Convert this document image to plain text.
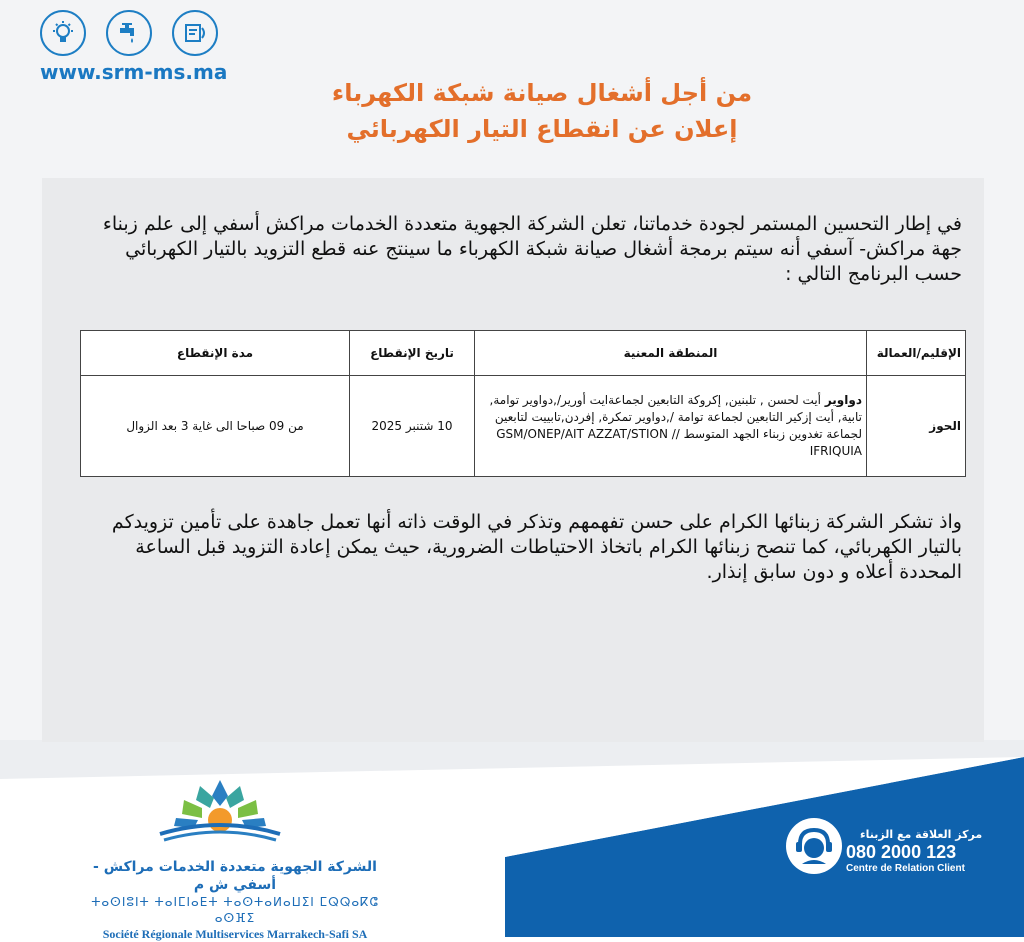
www.srm-ms.ma
من أجل أشغال صيانة شبكة الكهرباء
إعلان عن انقطاع التيار الكهربائي
في إطار التحسين المستمر لجودة خدماتنا، تعلن الشركة الجهوية متعددة الخدمات مراكش أسفي إلى علم زبناء جهة مراكش- آسفي أنه سيتم برمجة أشغال صيانة شبكة الكهرباء ما سينتج عنه قطع التزويد بالتيار الكهربائي حسب البرنامج التالي :
الإقليم/العمالة	المنطقة المعنية	تاريخ الإنقطاع	مدة الإنقطاع
الحوز	دواوير أيت لحسن , تلبنين, إكروكة التابعين لجماعةايت أورير/,دواوير توامة, تابية, أيت إزكير التابعين لجماعة توامة /,دواوير تمكرة, إفردن,تابييت لتابعين لجماعة تغدوين زبناء الجهد المتوسط // GSM/ONEP/AIT AZZAT/STION IFRIQUIA	10 شتنبر 2025	من 09 صباحا الى غاية 3 بعد الزوال
واذ تشكر الشركة زبنائها الكرام على حسن تفهمهم وتذكر في الوقت ذاته أنها تعمل جاهدة على تأمين تزويدكم بالتيار الكهربائي، كما تنصح زبنائها الكرام باتخاذ الاحتياطات الضرورية، حيث يمكن إعادة التزويد قبل الساعة المحددة أعلاه و دون سابق إنذار.
الشركة الجهوية متعددة الخدمات مراكش - أسفي ش م
ⵜⴰⵙⵏⵓⵏⵜ ⵜⴰⵏⵎⵏⴰⴹⵜ ⵜⴰⵙⵜⴰⵍⴰⵡⵉⵏ ⵎⵕⵕⴰⴽⵛ ⴰⵙⴼⵉ
Société Régionale Multiservices Marrakech-Safi SA
مركز العلاقة مع الزبناء
080 2000 123
Centre de Relation Client
